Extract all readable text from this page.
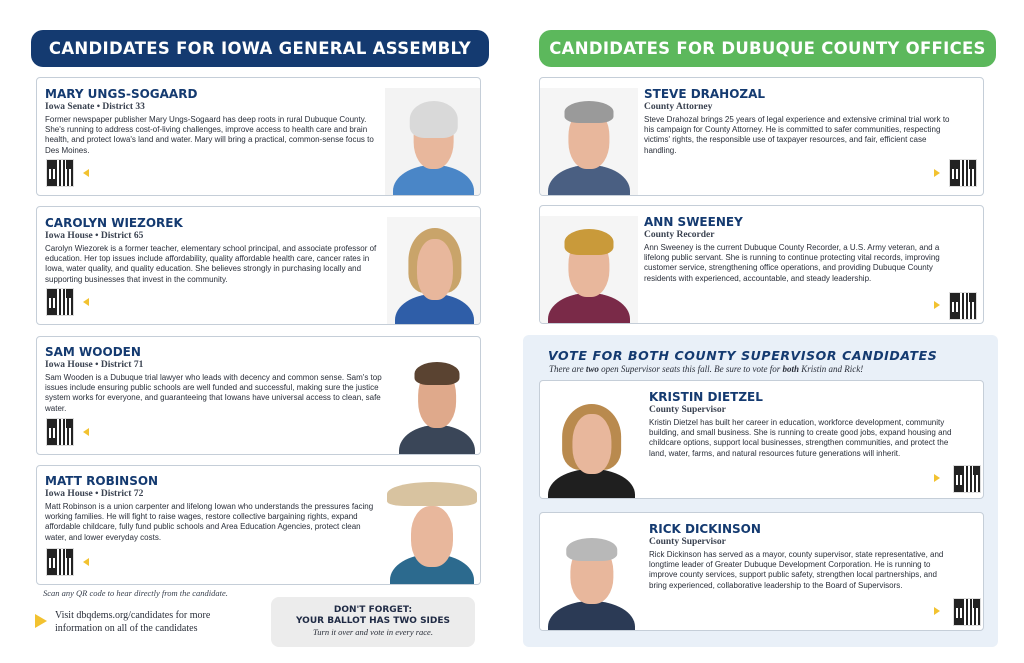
CANDIDATES FOR IOWA GENERAL ASSEMBLY	CANDIDATES FOR DUBUQUE COUNTY OFFICES
MARY UNGS-SOGAARD
Iowa Senate • District 33
Former newspaper publisher Mary Ungs-Sogaard has deep roots in rural Dubuque County. She's running to address cost-of-living challenges, improve access to health care and brain health, and protect Iowa's land and water. Mary will bring a practical, common-sense focus to Des Moines.
CAROLYN WIEZOREK
Iowa House • District 65
Carolyn Wiezorek is a former teacher, elementary school principal, and associate professor of education. Her top issues include affordability, quality affordable health care, cancer rates in Iowa, water quality, and quality education. She believes strongly in purchasing locally and supporting businesses that invest in the community.
SAM WOODEN
Iowa House • District 71
Sam Wooden is a Dubuque trial lawyer who leads with decency and common sense. Sam's top issues include ensuring public schools are well funded and successful, making sure the justice system works for everyone, and guaranteeing that Iowans have universal access to clean, safe water.
MATT ROBINSON
Iowa House • District 72
Matt Robinson is a union carpenter and lifelong Iowan who understands the pressures facing working families. He will fight to raise wages, restore collective bargaining rights, expand affordable childcare, fully fund public schools and Area Education Agencies, protect clean water, and lower everyday costs.
STEVE DRAHOZAL
County Attorney
Steve Drahozal brings 25 years of legal experience and extensive criminal trial work to his campaign for County Attorney. He is committed to safer communities, respecting victims' rights, the responsible use of taxpayer resources, and fair, efficient case handling.
ANN SWEENEY
County Recorder
Ann Sweeney is the current Dubuque County Recorder, a U.S. Army veteran, and a lifelong public servant. She is running to continue protecting vital records, improving customer service, strengthening office operations, and providing Dubuque County residents with experienced, accountable, and steady leadership.
VOTE FOR BOTH COUNTY SUPERVISOR CANDIDATES
There are two open Supervisor seats this fall. Be sure to vote for both Kristin and Rick!
KRISTIN DIETZEL
County Supervisor
Kristin Dietzel has built her career in education, workforce development, community building, and small business. She is running to create good jobs, expand housing and childcare options, support local businesses, strengthen communities, and protect the land, water, farms, and natural resources future generations will inherit.
RICK DICKINSON
County Supervisor
Rick Dickinson has served as a mayor, county supervisor, state representative, and longtime leader of Greater Dubuque Development Corporation. He is running to improve county services, support public safety, strengthen local partnerships, and bring experienced, collaborative leadership to the Board of Supervisors.
Scan any QR code to hear directly from the candidate.
Visit dbqdems.org/candidates for more information on all of the candidates
DON'T FORGET:
YOUR BALLOT HAS TWO SIDES
Turn it over and vote in every race.
